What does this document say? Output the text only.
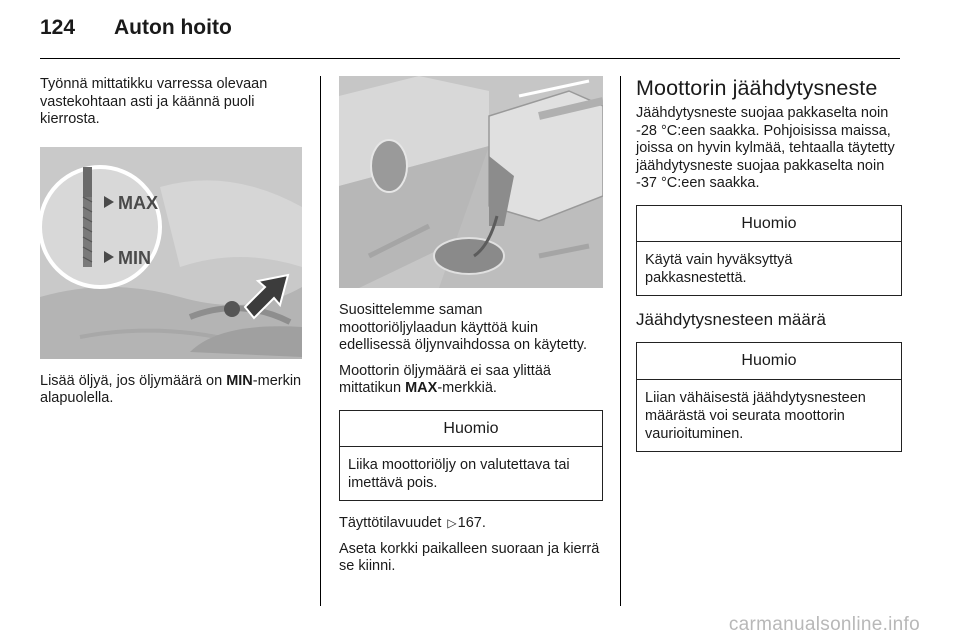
124	Auton hoito

Työnnä mittatikku varressa olevaan vastekohtaan asti ja käännä puoli kierrosta.

MAX
MIN

Lisää öljyä, jos öljymäärä on MIN-merkin alapuolella.

Suosittelemme saman moottoriöljylaadun käyttöä kuin edellisessä öljynvaihdossa on käytetty.

Moottorin öljymäärä ei saa ylittää mittatikun MAX-merkkiä.

Huomio
Liika moottoriöljy on valutettava tai imettävä pois.

Täyttötilavuudet ▷167.

Aseta korkki paikalleen suoraan ja kierrä se kiinni.

Moottorin jäähdytysneste

Jäähdytysneste suojaa pakkaselta noin -28 °C:een saakka. Pohjoisissa maissa, joissa on hyvin kylmää, tehtaalla täytetty jäähdytysneste suojaa pakkaselta noin -37 °C:een saakka.

Huomio
Käytä vain hyväksyttyä pakkasnestettä.
Jäähdytysnesteen määrä
Huomio
Liian vähäisestä jäähdytysnesteen määrästä voi seurata moottorin vaurioituminen.
carmanualsonline.info
